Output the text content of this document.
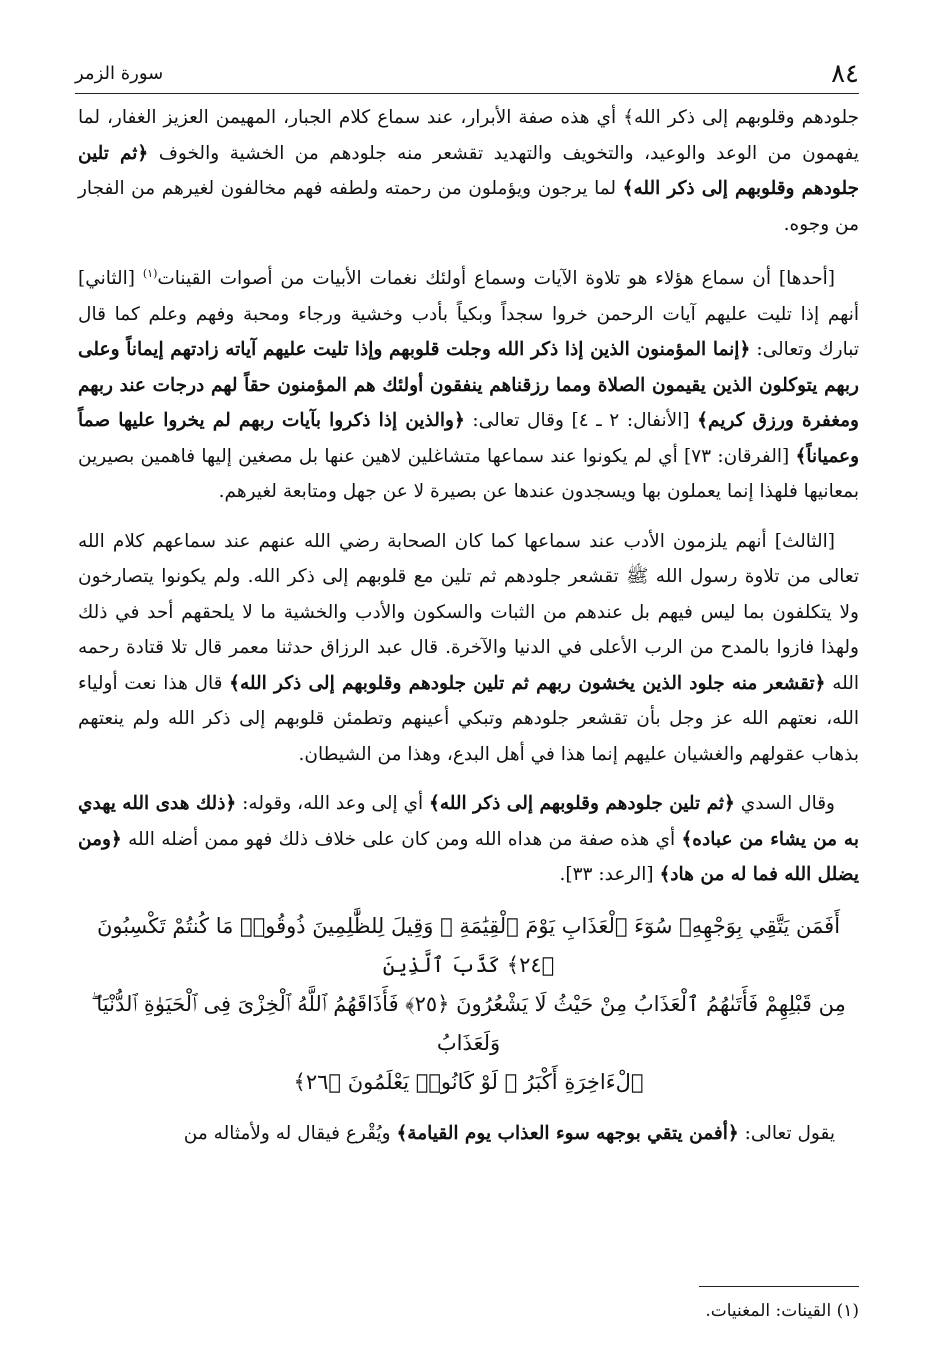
٨٤
سورة الزمر

جلودهم وقلوبهم إلى ذكر الله﴾ أي هذه صفة الأبرار، عند سماع كلام الجبار، المهيمن العزيز الغفار، لما يفهمون من الوعد والوعيد، والتخويف والتهديد تقشعر منه جلودهم من الخشية والخوف ﴿ثم تلين جلودهم وقلوبهم إلى ذكر الله﴾ لما يرجون ويؤملون من رحمته ولطفه فهم مخالفون لغيرهم من الفجار من وجوه.

[أحدها] أن سماع هؤلاء هو تلاوة الآيات وسماع أولئك نغمات الأبيات من أصوات القينات$^{(١)}$ [الثاني] أنهم إذا تليت عليهم آيات الرحمن خروا سجداً وبكياً بأدب وخشية ورجاء ومحبة وفهم وعلم كما قال تبارك وتعالى: ﴿إنما المؤمنون الذين إذا ذكر الله وجلت قلوبهم وإذا تليت عليهم آياته زادتهم إيماناً وعلى ربهم يتوكلون الذين يقيمون الصلاة ومما رزقناهم ينفقون أولئك هم المؤمنون حقاً لهم درجات عند ربهم ومغفرة ورزق كريم﴾ [الأنفال: ٢ ـ ٤] وقال تعالى: ﴿والذين إذا ذكروا بآيات ربهم لم يخروا عليها صماً وعمياناً﴾ [الفرقان: ٧٣] أي لم يكونوا عند سماعها متشاغلين لاهين عنها بل مصغين إليها فاهمين بصيرين بمعانيها فلهذا إنما يعملون بها ويسجدون عندها عن بصيرة لا عن جهل ومتابعة لغيرهم.

[الثالث] أنهم يلزمون الأدب عند سماعها كما كان الصحابة رضي الله عنهم عند سماعهم كلام الله تعالى من تلاوة رسول الله ﷺ تقشعر جلودهم ثم تلين مع قلوبهم إلى ذكر الله. ولم يكونوا يتصارخون ولا يتكلفون بما ليس فيهم بل عندهم من الثبات والسكون والأدب والخشية ما لا يلحقهم أحد في ذلك ولهذا فازوا بالمدح من الرب الأعلى في الدنيا والآخرة. قال عبد الرزاق حدثنا معمر قال تلا قتادة رحمه الله ﴿تقشعر منه جلود الذين يخشون ربهم ثم تلين جلودهم وقلوبهم إلى ذكر الله﴾ قال هذا نعت أولياء الله، نعتهم الله عز وجل بأن تقشعر جلودهم وتبكي أعينهم وتطمئن قلوبهم إلى ذكر الله ولم ينعتهم بذهاب عقولهم والغشيان عليهم إنما هذا في أهل البدع، وهذا من الشيطان.

وقال السدي ﴿ثم تلين جلودهم وقلوبهم إلى ذكر الله﴾ أي إلى وعد الله، وقوله: ﴿ذلك هدى الله يهدي به من يشاء من عباده﴾ أي هذه صفة من هداه الله ومن كان على خلاف ذلك فهو ممن أضله الله ﴿ومن يضلل الله فما له من هاد﴾ [الرعد: ٣٣].

أَفَمَن يَتَّقِي بِوَجْهِهِۦ سُوٓءَ ٱلْعَذَابِ يَوْمَ ٱلْقِيَٰمَةِ ۚ وَقِيلَ لِلظَّٰلِمِينَ ذُوقُوا۟ مَا كُنتُمْ تَكْسِبُونَ ﴿٢٤﴾ كَذَّبَ ٱلَّذِينَ
مِن قَبْلِهِمْ فَأَتَىٰهُمُ ٱلْعَذَابُ مِنْ حَيْثُ لَا يَشْعُرُونَ ﴿٢٥﴾ فَأَذَاقَهُمُ ٱللَّهُ ٱلْخِزْىَ فِى ٱلْحَيَوٰةِ ٱلدُّنْيَا ۖ وَلَعَذَابُ
ٱلْءَاخِرَةِ أَكْبَرُ ۚ لَوْ كَانُوا۟ يَعْلَمُونَ ﴿٢٦﴾

يقول تعالى: ﴿أفمن يتقي بوجهه سوء العذاب يوم القيامة﴾ ويُقْرع فيقال له ولأمثاله من

(١) القينات: المغنيات.
